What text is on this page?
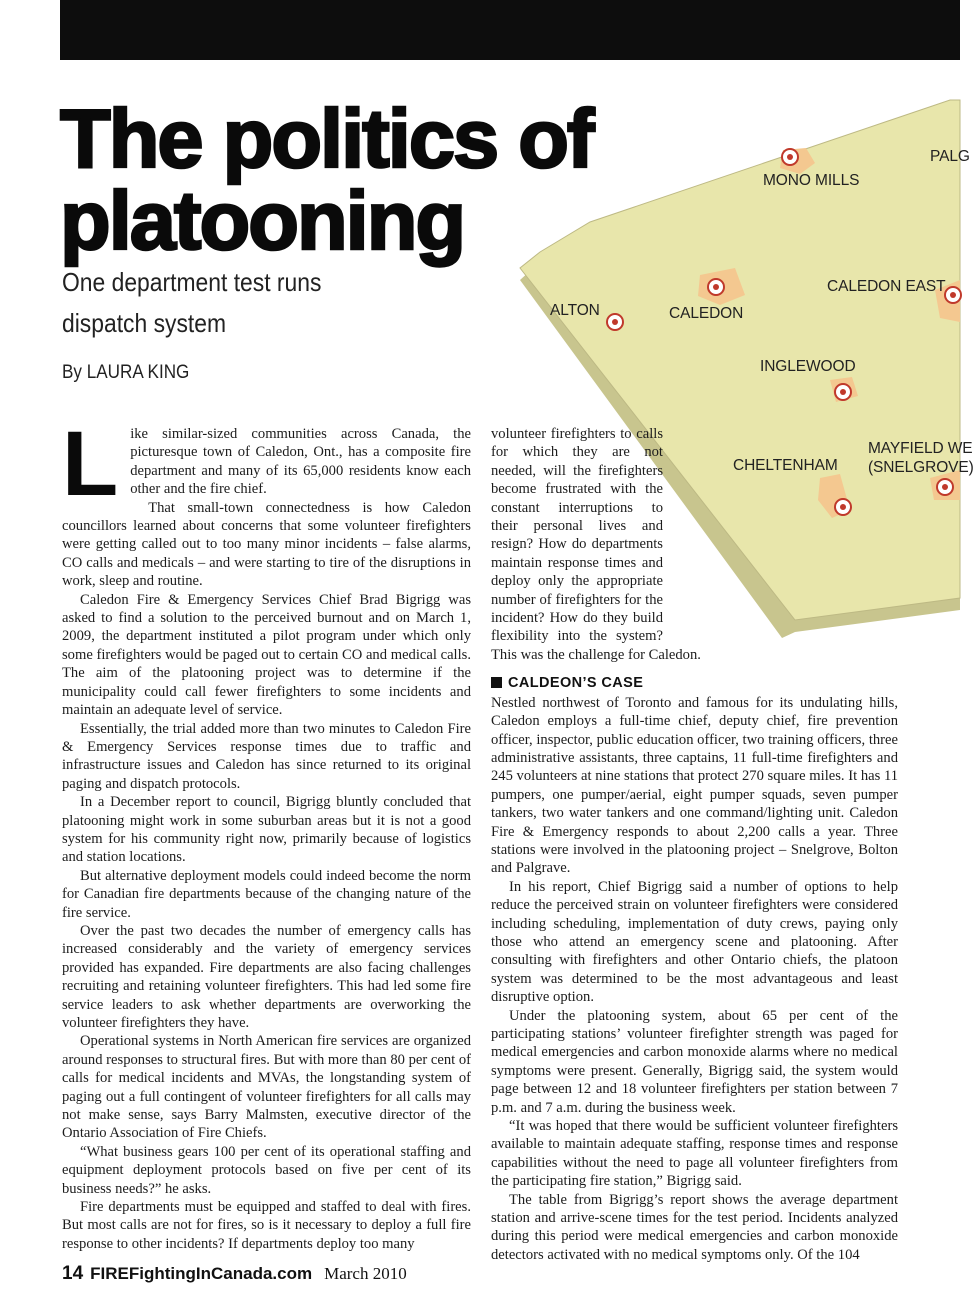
MONO MILLS
PALG
CALEDON EAST
ALTON	CALEDON
INGLEWOOD
MAYFIELD WE
(SNELGROVE)
CHELTENHAM
The politics of
platooning
One department test runs
dispatch system
By LAURA KING
L ike similar-sized communities across Canada, the picturesque town of Caledon, Ont., has a composite fire department and many of its 65,000 residents know each other and the fire chief.

That small-town connectedness is how Caledon councillors learned about concerns that some volunteer firefighters were getting called out to too many minor incidents – false alarms, CO calls and medicals – and were starting to tire of the disruptions in work, sleep and routine.

Caledon Fire & Emergency Services Chief Brad Bigrigg was asked to find a solution to the perceived burnout and on March 1, 2009, the department instituted a pilot program under which only some firefighters would be paged out to certain CO and medical calls. The aim of the platooning project was to determine if the municipality could call fewer firefighters to some incidents and maintain an adequate level of service.

Essentially, the trial added more than two minutes to Caledon Fire & Emergency Services response times due to traffic and infrastructure issues and Caledon has since returned to its original paging and dispatch protocols.

In a December report to council, Bigrigg bluntly concluded that platooning might work in some suburban areas but it is not a good system for his community right now, primarily because of logistics and station locations.

But alternative deployment models could indeed become the norm for Canadian fire departments because of the changing nature of the fire service.

Over the past two decades the number of emergency calls has increased considerably and the variety of emergency services provided has expanded. Fire departments are also facing challenges recruiting and retaining volunteer firefighters. This had led some fire service leaders to ask whether departments are overworking the volunteer firefighters they have.

Operational systems in North American fire services are organized around responses to structural fires. But with more than 80 per cent of calls for medical incidents and MVAs, the longstanding system of paging out a full contingent of volunteer firefighters for all calls may not make sense, says Barry Malmsten, executive director of the Ontario Association of Fire Chiefs.

“What business gears 100 per cent of its operational staffing and equipment deployment protocols based on five per cent of its business needs?” he asks.

Fire departments must be equipped and staffed to deal with fires. But most calls are not for fires, so is it necessary to deploy a full fire response to other incidents? If departments deploy too many

volunteer firefighters to calls for which they are not needed, will the firefighters become frustrated with the constant interruptions to their personal lives and resign? How do departments maintain response times and deploy only the appropriate number of firefighters for the incident? How do they build flexibility into the system? This was the challenge for Caledon.

CALDEON’S CASE

Nestled northwest of Toronto and famous for its undulating hills, Caledon employs a full-time chief, deputy chief, fire prevention officer, inspector, public education officer, two training officers, three administrative assistants, three captains, 11 full-time firefighters and 245 volunteers at nine stations that protect 270 square miles. It has 11 pumpers, one pumper/aerial, eight pumper squads, seven pumper tankers, two water tankers and one command/lighting unit. Caledon Fire & Emergency responds to about 2,200 calls a year. Three stations were involved in the platooning project – Snelgrove, Bolton and Palgrave.

In his report, Chief Bigrigg said a number of options to help reduce the perceived strain on volunteer firefighters were considered including scheduling, implementation of duty crews, paying only those who attend an emergency scene and platooning. After consulting with firefighters and other Ontario chiefs, the platoon system was determined to be the most advantageous and least disruptive option.

Under the platooning system, about 65 per cent of the participating stations’ volunteer firefighter strength was paged for medical emergencies and carbon monoxide alarms where no medical symptoms were present. Generally, Bigrigg said, the system would page between 12 and 18 volunteer firefighters per station between 7 p.m. and 7 a.m. during the business week.

“It was hoped that there would be sufficient volunteer firefighters available to maintain adequate staffing, response times and response capabilities without the need to page all volunteer firefighters from the participating fire station,” Bigrigg said.

The table from Bigrigg’s report shows the average department station and arrive-scene times for the test period. Incidents analyzed during this period were medical emergencies and carbon monoxide detectors activated with no medical symptoms only. Of the 104

14 FIREFightingInCanada.com March 2010
